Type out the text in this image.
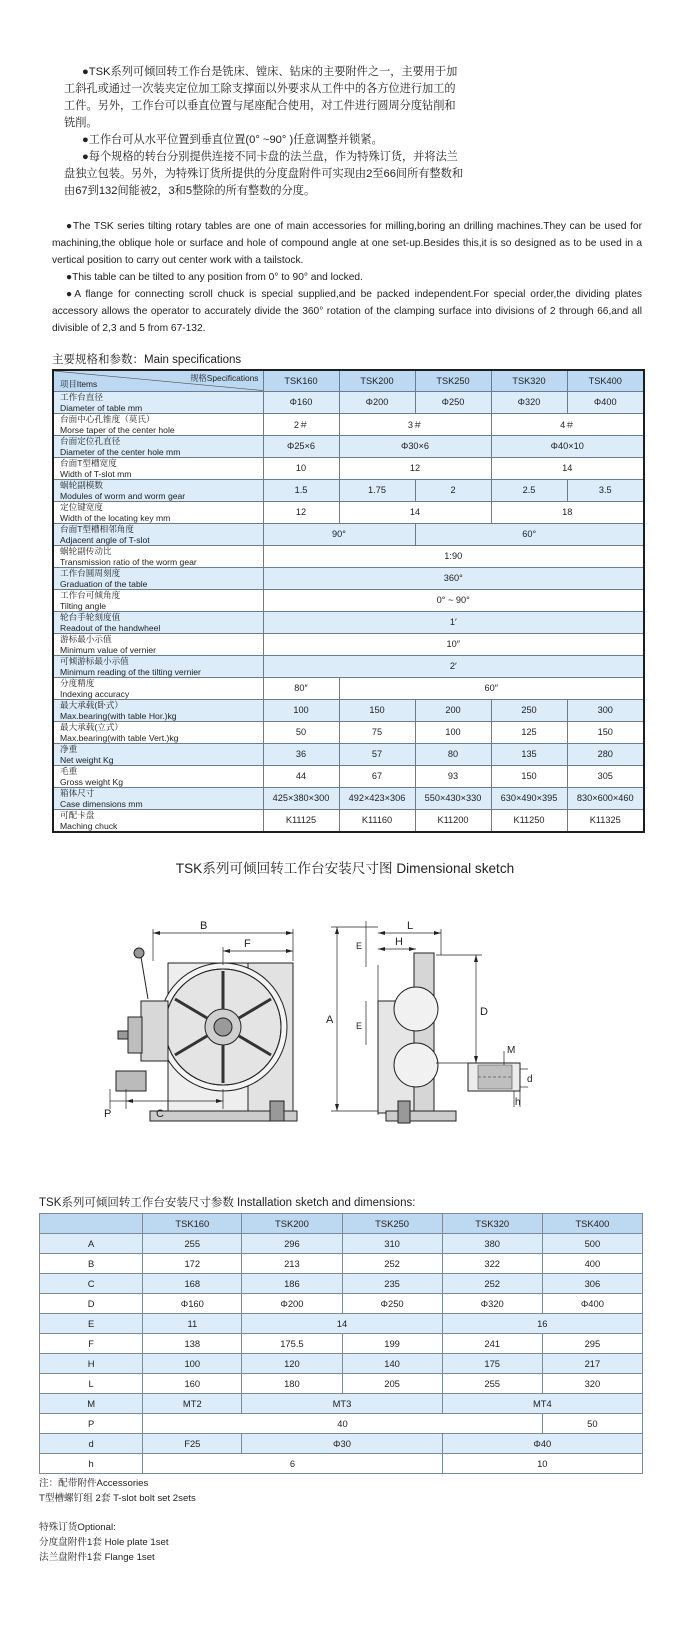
●TSK系列可倾回转工作台是铣床、镗床、钻床的主要附件之一，主要用于加工斜孔或通过一次装夹定位加工除支撑面以外要求从工件中的各方位进行加工的工件。另外，工作台可以垂直位置与尾座配合使用，对工件进行圆周分度钻削和铣削。

●工作台可从水平位置到垂直位置(0° ~90° )任意调整并锁紧。

●每个规格的转台分别提供连接不同卡盘的法兰盘，作为特殊订货，并将法兰盘独立包装。另外，为特殊订货所提供的分度盘附件可实现由2至66间所有整数和由67到132间能被2，3和5整除的所有整数的分度。

●The TSK series tilting rotary tables are one of main accessories for milling,boring an drilling machines.They can be used for machining,the oblique hole or surface and hole of compound angle at one set-up.Besides this,it is so designed as to be used in a vertical position to carry out center work with a tailstock.

●This table can be tilted to any position from 0° to 90° and locked.

●A flange for connecting scroll chuck is special supplied,and be packed independent.For special order,the dividing plates accessory allows the operator to accurately divide the 360° rotation of the clamping surface into divisions of 2 through 66,and all divisible of 2,3 and 5 from 67-132.

主要规格和参数：Main specifications
规格Specifications
项目Items	TSK160	TSK200	TSK250	TSK320	TSK400

工作台直径
Diameter of table mm	Φ160	Φ200	Φ250	Φ320	Φ400

台面中心孔锥度（莫氏）
Morse taper of the center hole	2＃	3＃		4＃	

台面定位孔直径
Diameter of the center hole mm	Φ25×6	Φ30×6		Φ40×10	

台面T型槽宽度
Width of T-slot mm	10	12		14	

蜗轮副模数
Modules of worm and worm gear	1.5	1.75	2	2.5	3.5

定位键宽度
Width of the locating key mm	12	14		18	

台面T型槽相邻角度
Adjacent angle of T-slot	90°		60°		

蜗轮副传动比
Transmission ratio of the worm gear	1:90				

工作台圆周刻度
Graduation of the table	360°				

工作台可倾角度
Tilting angle	0° ~ 90°				

轮台手轮刻度值
Readout of the handwheel	1′				

游标最小示值
Minimum value of vernier	10″				

可倾游标最小示值
Minimum reading of the tilting vernier	2′				

分度精度
Indexing accuracy	80″	60″			

最大承载(卧式）
Max.bearing(with table Hor.)kg	100	150	200	250	300

最大承载(立式）
Max.bearing(with table Vert.)kg	50	75	100	125	150

净重
Net weight Kg	36	57	80	135	280

毛重
Gross weight Kg	44	67	93	150	305

箱体尺寸
Case dimensions mm	425×380×300	492×423×306	550×430×330	630×490×395	830×600×460

可配卡盘
Maching chuck	K11125	K11160	K11200	K11250	K11325
TSK系列可倾回转工作台安装尺寸图 Dimensional sketch
B
F
P	C
L
H
E
E
A
D
M
d
h
TSK系列可倾回转工作台安装尺寸参数 Installation sketch and dimensions:
	TSK160	TSK200	TSK250	TSK320	TSK400
A	255	296	310	380	500
B	172	213	252	322	400
C	168	186	235	252	306
D	Φ160	Φ200	Φ250	Φ320	Φ400
E	11	14		16	
F	138	175.5	199	241	295
H	100	120	140	175	217
L	160	180	205	255	320
M	MT2	MT3		MT4	
P	40				50
d	F25	Φ30		Φ40	
h	6			10	
注：配带附件Accessories
T型槽螺钉组 2套 T-slot bolt set 2sets
特殊订货Optional:
分度盘附件1套 Hole plate 1set
法兰盘附件1套 Flange 1set
